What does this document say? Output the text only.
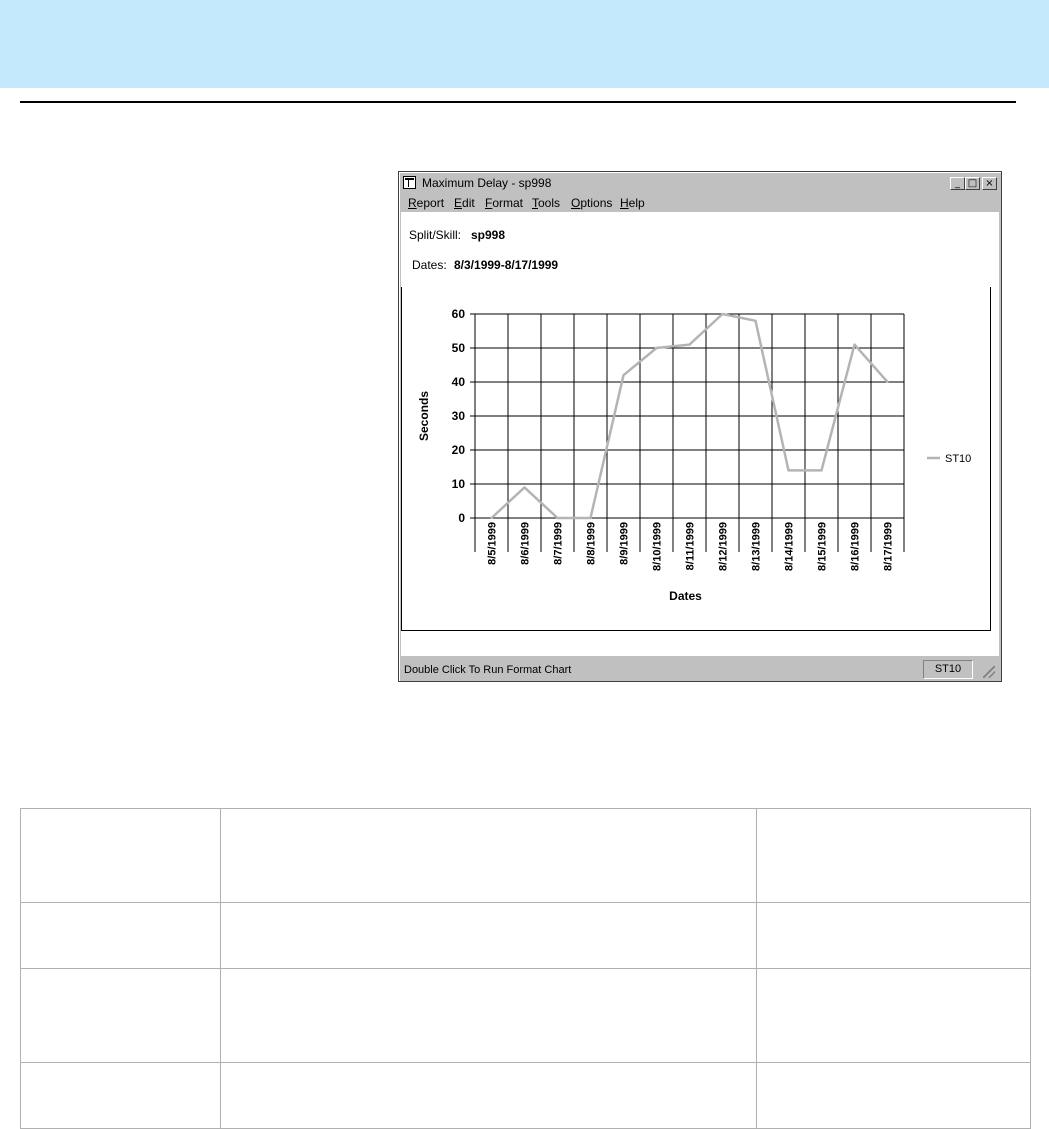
Maximum Delay - sp998	_ □ ×
Report Edit Format Tools Options Help
Split/Skill: sp998
Dates: 8/3/1999-8/17/1999
0
10
20
30
40
50
60
8/5/1999 8/6/1999 8/7/1999 8/8/1999 8/9/1999 8/10/1999 8/11/1999 8/12/1999 8/13/1999 8/14/1999 8/15/1999 8/16/1999 8/17/1999
Seconds
Dates
ST10
Double Click To Run Format Chart	ST10
